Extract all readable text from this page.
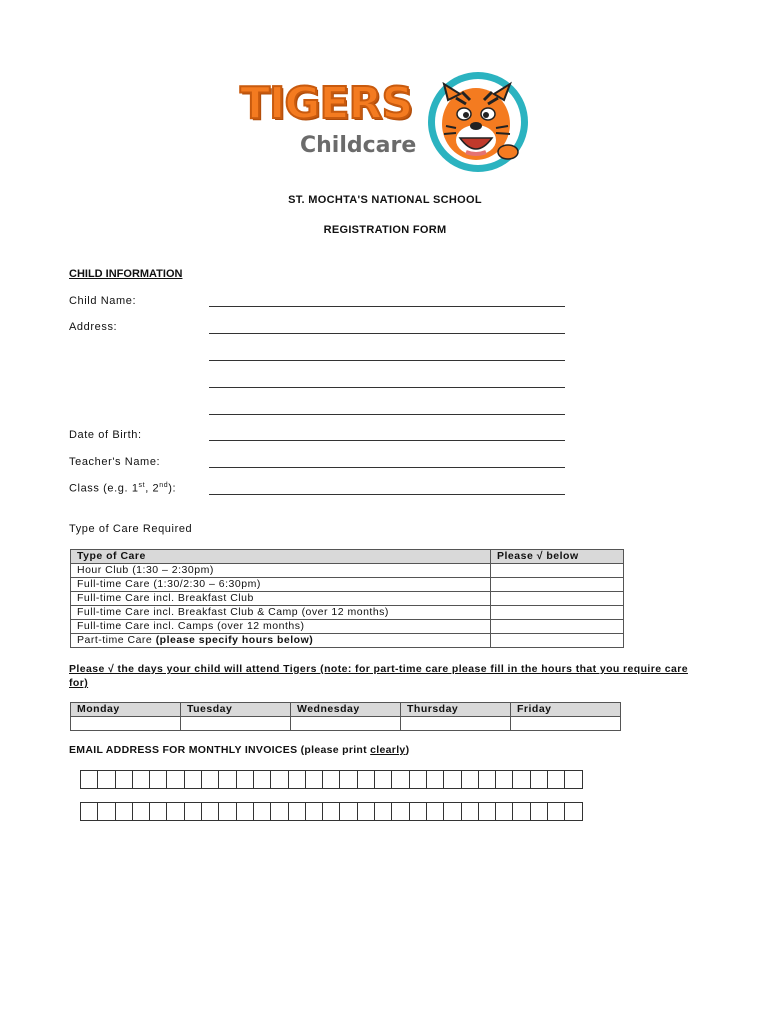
TIGERS
Childcare
ST. MOCHTA'S NATIONAL SCHOOL
REGISTRATION FORM
CHILD INFORMATION
Child Name:
Address:
Date of Birth:
Teacher's Name:
Class (e.g. 1st, 2nd):
Type of Care Required
Type of Care	Please √ below
Hour Club (1:30 – 2:30pm)	
Full-time Care (1:30/2:30 – 6:30pm)	
Full-time Care incl. Breakfast Club	
Full-time Care incl. Breakfast Club & Camp (over 12 months)	
Full-time Care incl. Camps (over 12 months)	
Part-time Care (please specify hours below)	
Please √ the days your child will attend Tigers (note: for part-time care please fill in the hours that you require care for)
Monday	Tuesday	Wednesday	Thursday	Friday

EMAIL ADDRESS FOR MONTHLY INVOICES (please print clearly)
